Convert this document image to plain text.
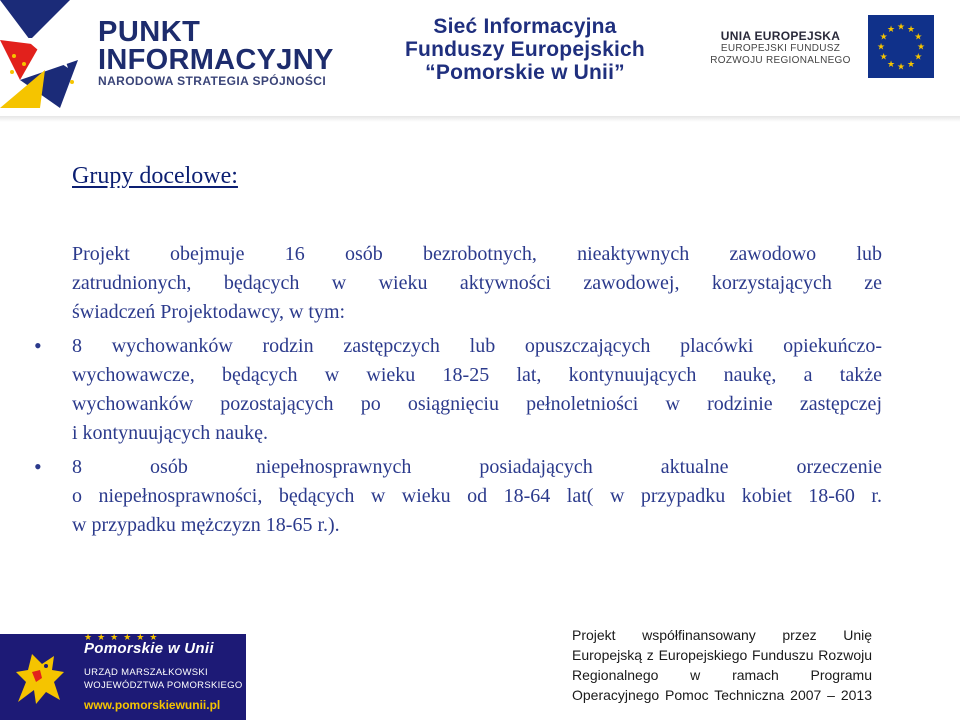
PUNKT
INFORMACYJNY
NARODOWA STRATEGIA SPÓJNOŚCI
Sieć Informacyjna
Funduszy Europejskich
“Pomorskie w Unii”
UNIA EUROPEJSKA
EUROPEJSKI FUNDUSZ
ROZWOJU REGIONALNEGO
★ ★
★
★
★
★
★
★
★
★
★
★
Grupy docelowe:
Projekt obejmuje 16 osób bezrobotnych, nieaktywnych zawodowo lub
zatrudnionych, będących w wieku aktywności zawodowej, korzystających ze
świadczeń Projektodawcy, w tym:
• 8 wychowanków rodzin zastępczych lub opuszczających placówki opiekuńczo-
wychowawcze, będących w wieku 18-25 lat, kontynuujących naukę, a także
wychowanków pozostających po osiągnięciu pełnoletniości w rodzinie zastępczej
i kontynuujących naukę.
• 8 osób niepełnosprawnych posiadających aktualne orzeczenie
o niepełnosprawności, będących w wieku od 18-64 lat( w przypadku kobiet 18-60 r.
w przypadku mężczyzn 18-65 r.).
★★★★★★
Pomorskie w Unii
URZĄD MARSZAŁKOWSKI
WOJEWÓDZTWA POMORSKIEGO
www.pomorskiewunii.pl
Projekt współfinansowany przez Unię
Europejską z Europejskiego Funduszu Rozwoju
Regionalnego w ramach Programu
Operacyjnego Pomoc Techniczna 2007 – 2013
